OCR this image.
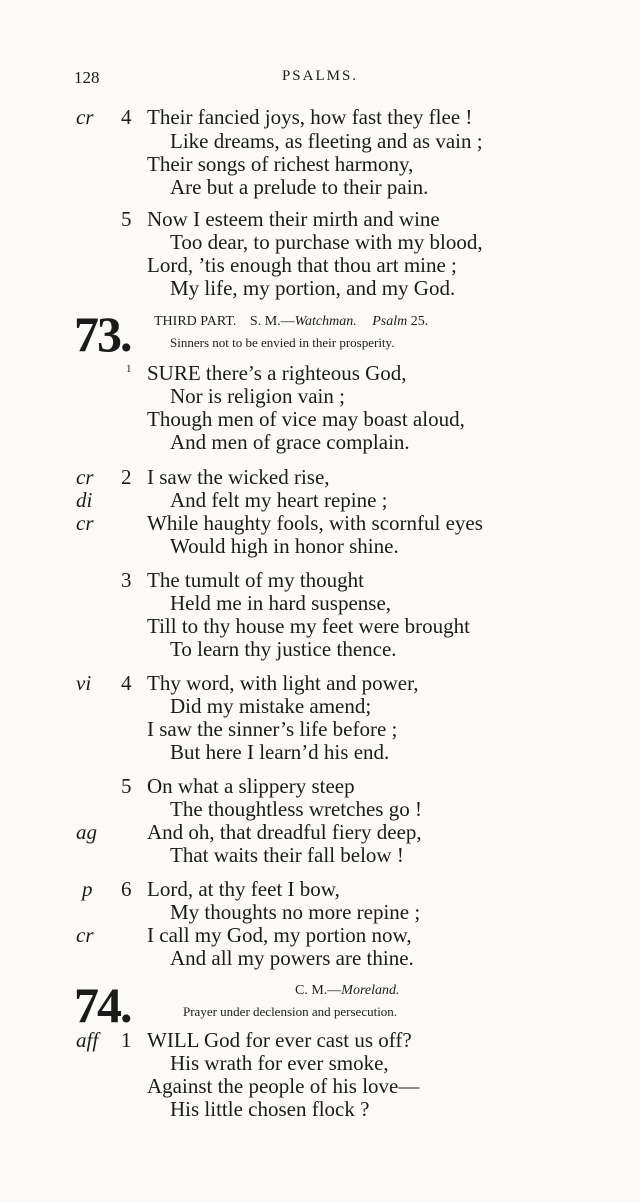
128	PSALMS.
cr 4 Their fancied joys, how fast they flee !
Like dreams, as fleeting and as vain ;
Their songs of richest harmony,
Are but a prelude to their pain.
5 Now I esteem their mirth and wine
Too dear, to purchase with my blood,
Lord, ’tis enough that thou art mine ;
My life, my portion, and my God.
73. THIRD PART. S. M.—Watchman. Psalm 25.
Sinners not to be envied in their prosperity.
1 SURE there’s a righteous God,
Nor is religion vain ;
Though men of vice may boast aloud,
And men of grace complain.
cr 2 I saw the wicked rise,
di	And felt my heart repine ;
cr	While haughty fools, with scornful eyes
Would high in honor shine.
3 The tumult of my thought
Held me in hard suspense,
Till to thy house my feet were brought
To learn thy justice thence.
vi 4 Thy word, with light and power,
Did my mistake amend;
I saw the sinner’s life before ;
But here I learn’d his end.
5 On what a slippery steep
The thoughtless wretches go !
ag And oh, that dreadful fiery deep,
That waits their fall below !
p 6 Lord, at thy feet I bow,
My thoughts no more repine ;
cr	I call my God, my portion now,
And all my powers are thine.
74.	C. M.—Moreland.
Prayer under declension and persecution.
aff 1 WILL God for ever cast us off?
His wrath for ever smoke,
Against the people of his love—
His little chosen flock ?
